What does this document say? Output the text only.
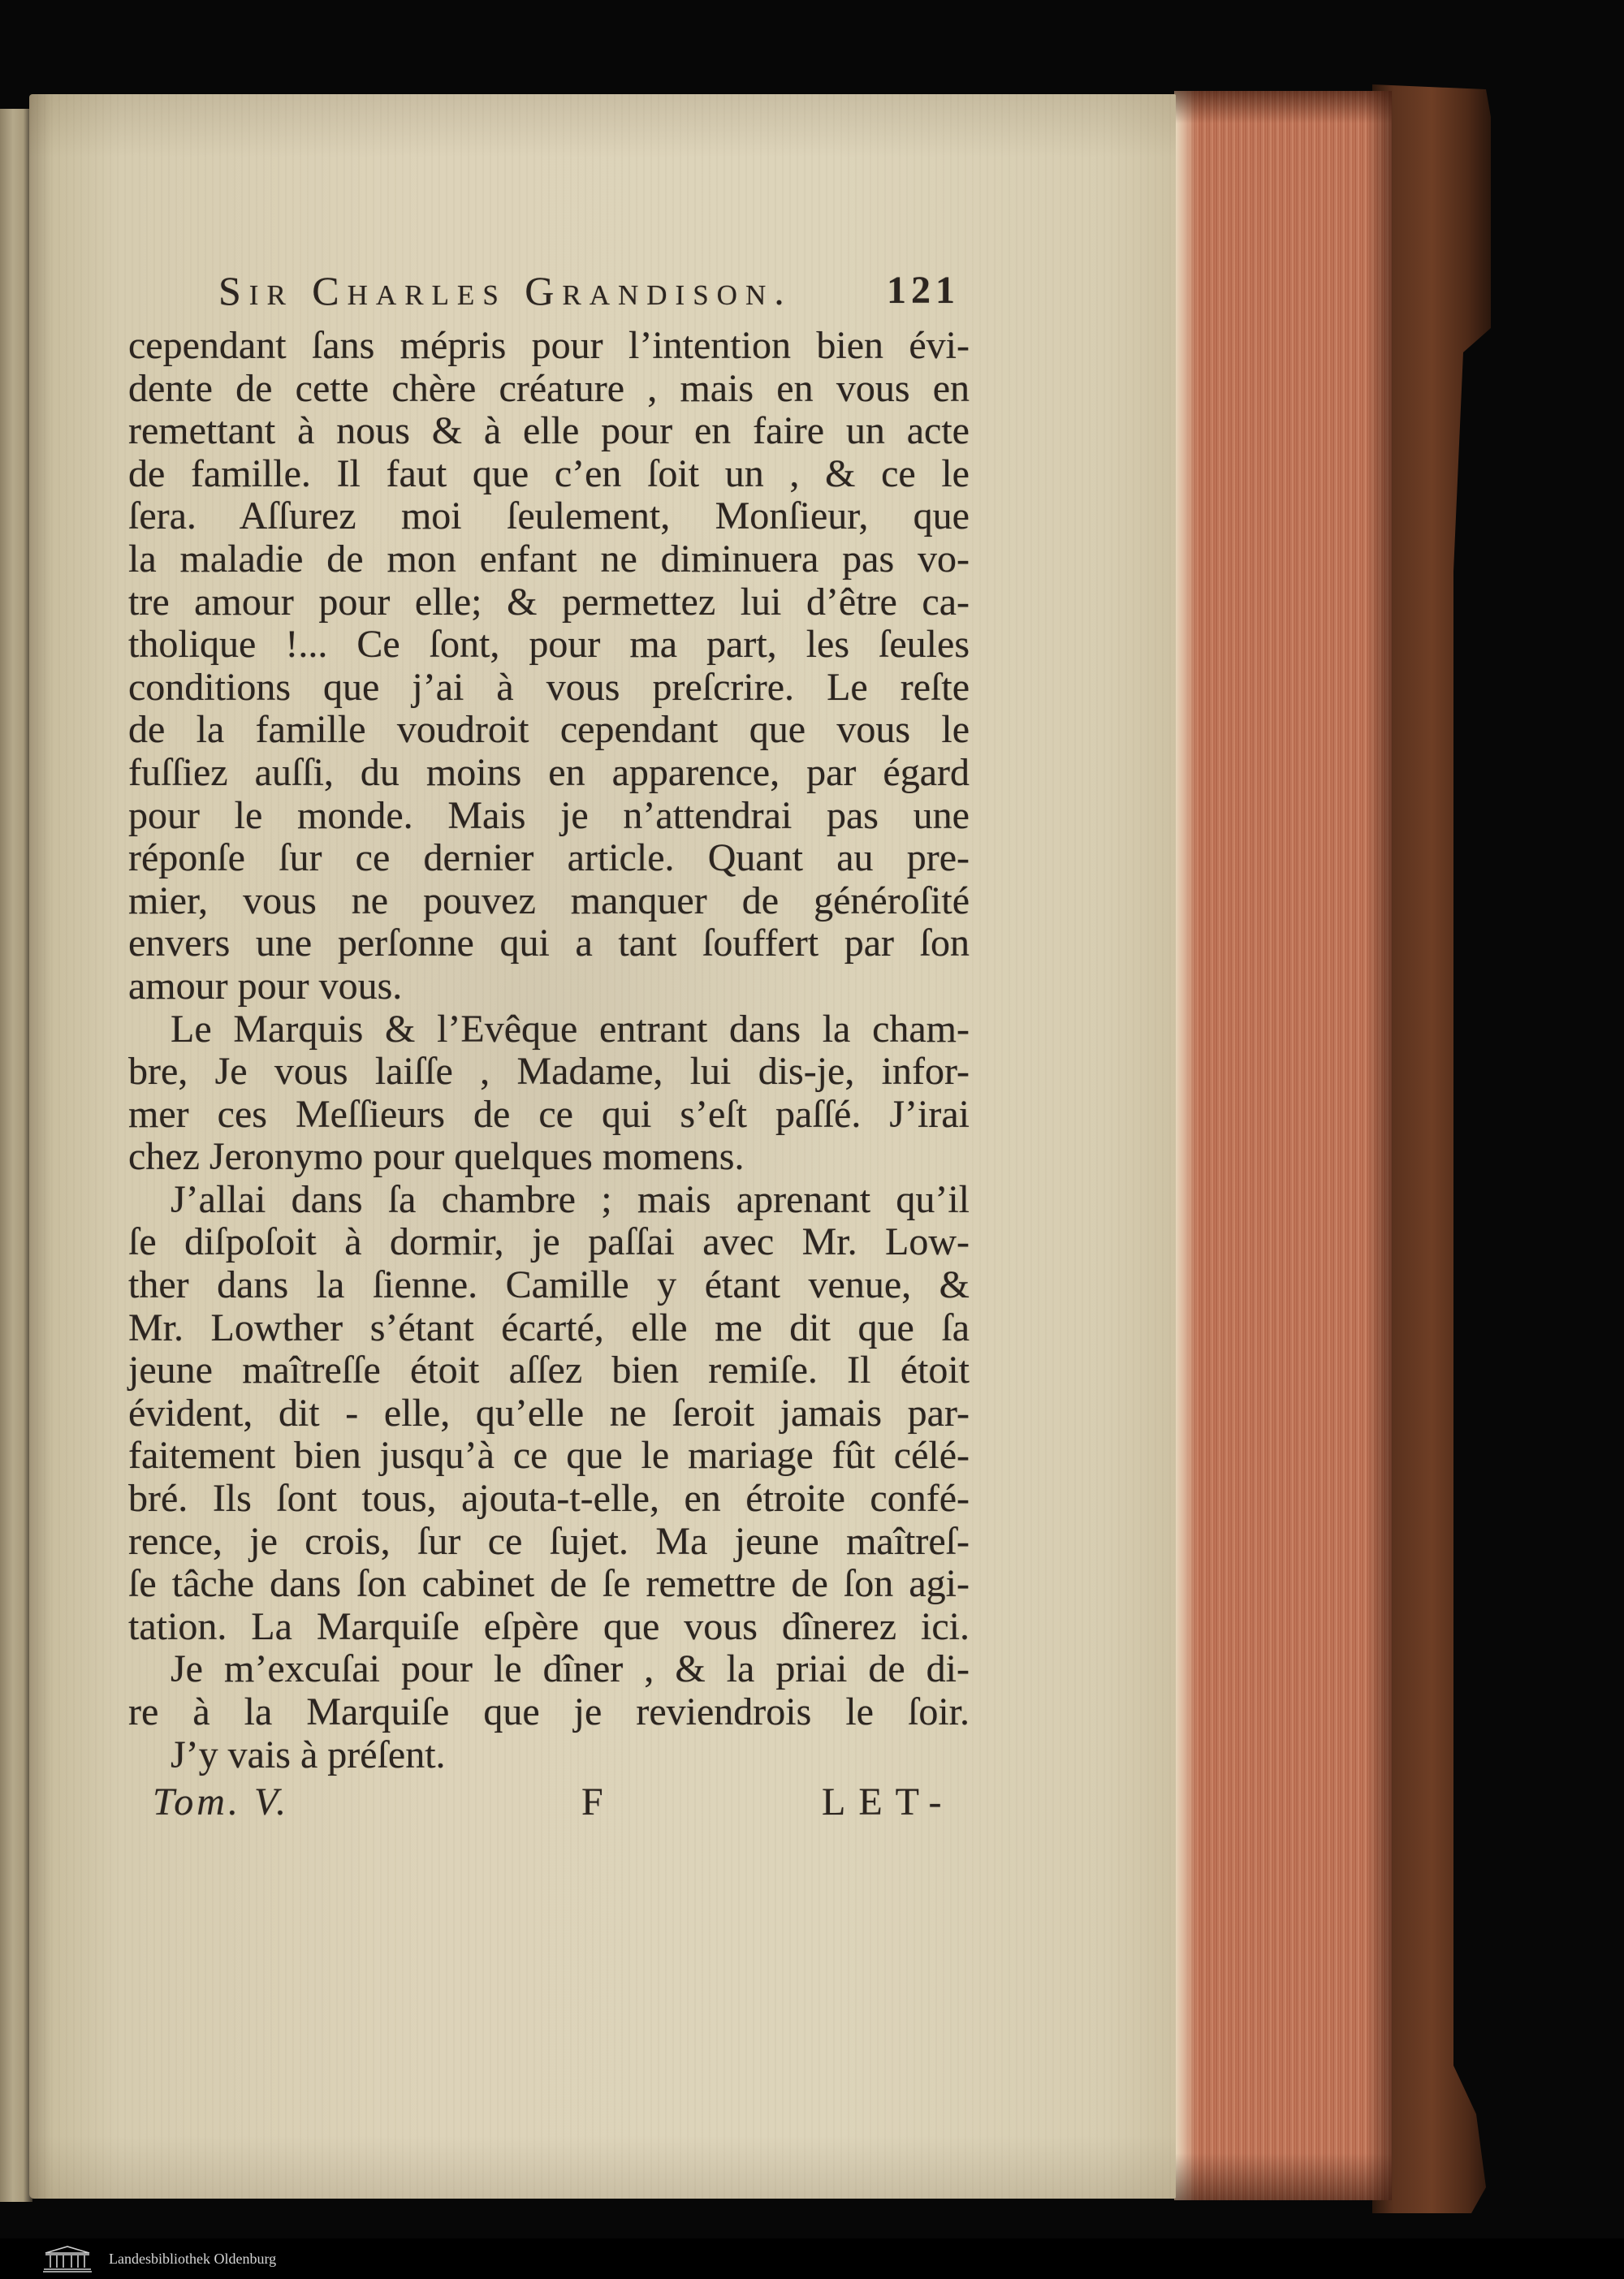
Sir Charles Grandison. 121
cependant ſans mépris pour l’intention bien évi-
dente de cette chère créature , mais en vous en
remettant à nous & à elle pour en faire un acte
de famille. Il faut que c’en ſoit un , & ce le
ſera. Aſſurez moi ſeulement, Monſieur, que
la maladie de mon enfant ne diminuera pas vo-
tre amour pour elle; & permettez lui d’être ca-
tholique !... Ce ſont, pour ma part, les ſeules
conditions que j’ai à vous preſcrire. Le reſte
de la famille voudroit cependant que vous le
fuſſiez auſſi, du moins en apparence, par égard
pour le monde. Mais je n’attendrai pas une
réponſe ſur ce dernier article. Quant au pre-
mier, vous ne pouvez manquer de généroſité
envers une perſonne qui a tant ſouffert par ſon
amour pour vous.
Le Marquis & l’Evêque entrant dans la cham-
bre, Je vous laiſſe , Madame, lui dis-je, infor-
mer ces Meſſieurs de ce qui s’eſt paſſé. J’irai
chez Jeronymo pour quelques momens.
J’allai dans ſa chambre ; mais aprenant qu’il
ſe diſpoſoit à dormir, je paſſai avec Mr. Low-
ther dans la ſienne. Camille y étant venue, &
Mr. Lowther s’étant écarté, elle me dit que ſa
jeune maîtreſſe étoit aſſez bien remiſe. Il étoit
évident, dit - elle, qu’elle ne ſeroit jamais par-
faitement bien jusqu’à ce que le mariage fût célé-
bré. Ils ſont tous, ajouta-t-elle, en étroite confé-
rence, je crois, ſur ce ſujet. Ma jeune maîtreſ-
ſe tâche dans ſon cabinet de ſe remettre de ſon agi-
tation. La Marquiſe eſpère que vous dînerez ici.
Je m’excuſai pour le dîner , & la priai de di-
re à la Marquiſe que je reviendrois le ſoir.
J’y vais à préſent.
Tom. V.	F	LET-
Landesbibliothek Oldenburg
